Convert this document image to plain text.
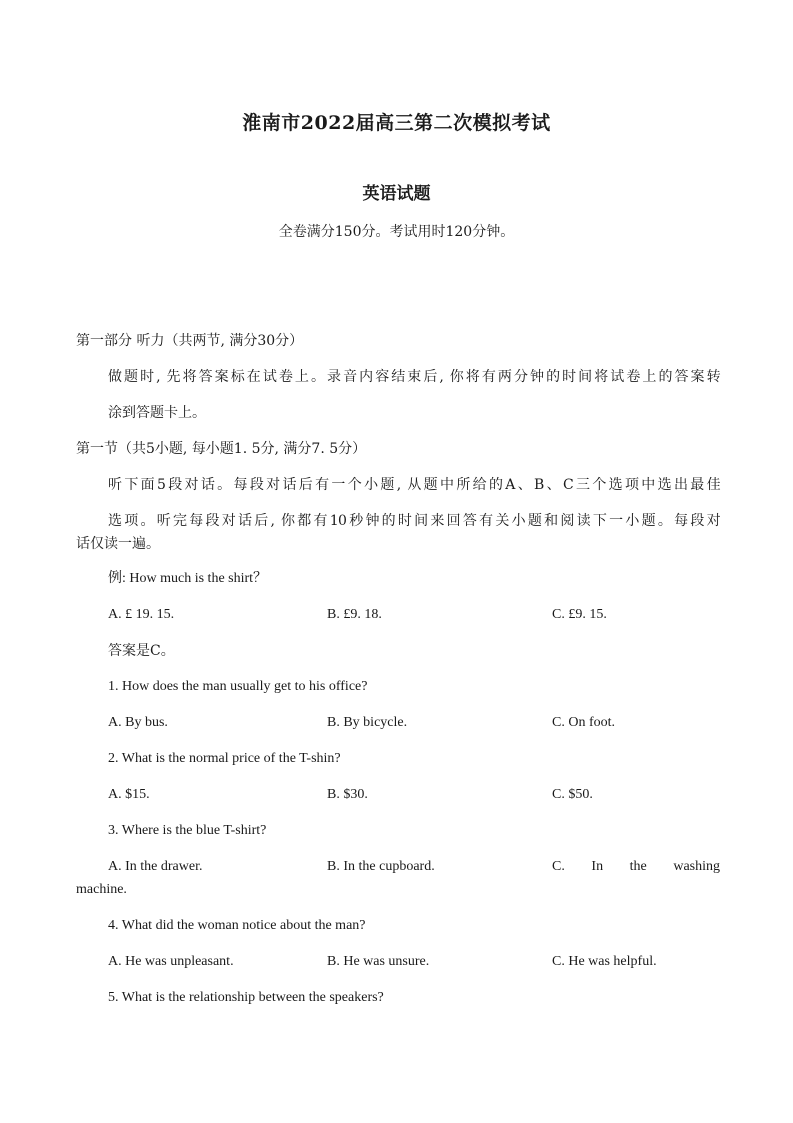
淮南市2022届高三第二次模拟考试
英语试题
全卷满分150分。考试用时120分钟。
第一部分 听力（共两节, 满分30分）
做题时, 先将答案标在试卷上。录音内容结束后, 你将有两分钟的时间将试卷上的答案转
涂到答题卡上。
第一节（共5小题, 每小题1. 5分, 满分7. 5分）
听下面5段对话。每段对话后有一个小题, 从题中所给的A、B、C三个选项中选出最佳
选项。听完每段对话后, 你都有10秒钟的时间来回答有关小题和阅读下一小题。每段对
话仅读一遍。
例: How much is the shirt？
A. £ 19. 15.	B. £9. 18.	C. £9. 15.
答案是C。
1. How does the man usually get to his office?
A. By bus.	B. By bicycle.	C. On foot.
2. What is the normal price of the T-shin?
A. $15.	B. $30.	C. $50.
3. Where is the blue T-shirt?
A. In the drawer.	B. In the cupboard.	C. In the washing
machine.
4. What did the woman notice about the man?
A. He was unpleasant.	B. He was unsure.	C. He was helpful.
5. What is the relationship between the speakers?
